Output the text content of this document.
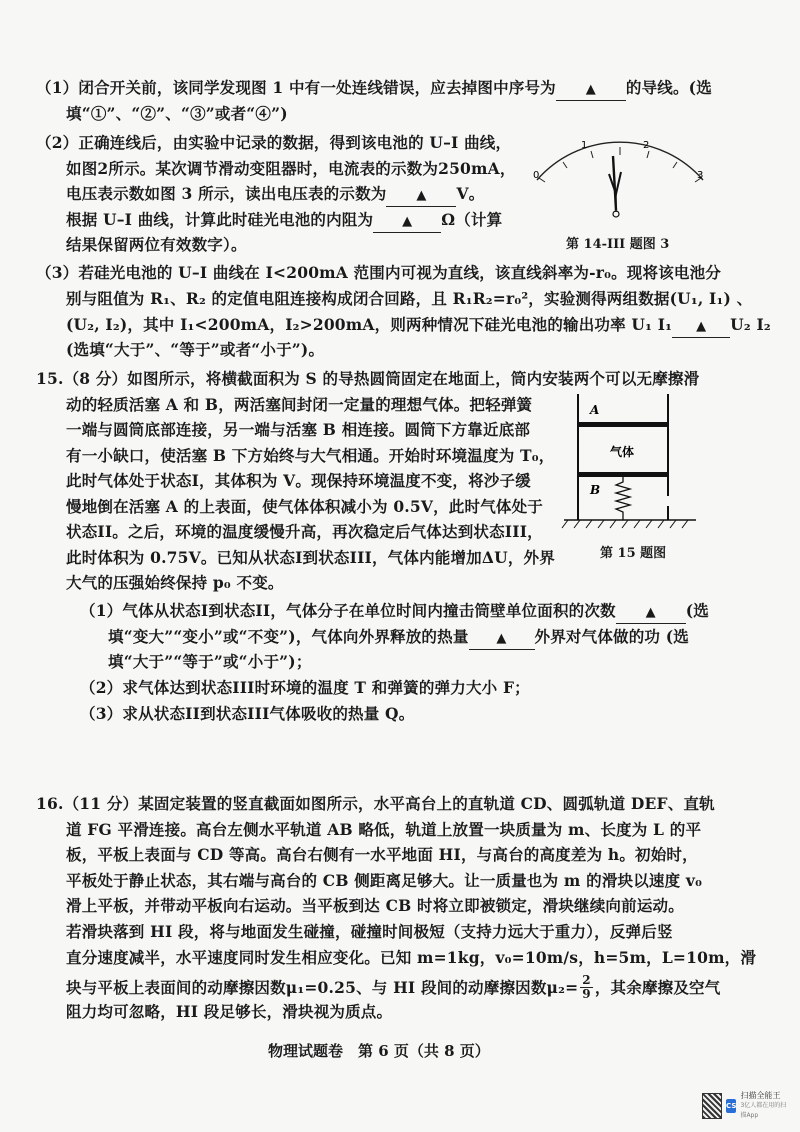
（1）闭合开关前，该同学发现图 1 中有一处连线错误，应去掉图中序号为 ▲ 的导线。(选
填“①”、“②”、“③”或者“④”)
（2）正确连线后，由实验中记录的数据，得到该电池的 U–I 曲线，
如图2所示。某次调节滑动变阻器时，电流表的示数为250mA，
电压表示数如图 3 所示，读出电压表的示数为 ▲ V。
根据 U–I 曲线，计算此时硅光电池的内阻为 ▲ Ω（计算
结果保留两位有效数字）。
0
1	2
3
第 14-III 题图 3
（3）若硅光电池的 U–I 曲线在 I<200mA 范围内可视为直线，该直线斜率为-r₀。现将该电池分
别与阻值为 R₁、R₂ 的定值电阻连接构成闭合回路，且 R₁R₂=r₀²，实验测得两组数据(U₁, I₁) 、
(U₂, I₂)，其中 I₁<200mA，I₂>200mA，则两种情况下硅光电池的输出功率 U₁ I₁ ▲ U₂ I₂
(选填“大于”、“等于”或者“小于”)。
15.（8 分）如图所示，将横截面积为 S 的导热圆筒固定在地面上，筒内安装两个可以无摩擦滑
动的轻质活塞 A 和 B，两活塞间封闭一定量的理想气体。把轻弹簧
一端与圆筒底部连接，另一端与活塞 B 相连接。圆筒下方靠近底部
有一小缺口，使活塞 B 下方始终与大气相通。开始时环境温度为 T₀，
此时气体处于状态I，其体积为 V。现保持环境温度不变，将沙子缓
慢地倒在活塞 A 的上表面，使气体体积减小为 0.5V，此时气体处于
状态II。之后，环境的温度缓慢升高，再次稳定后气体达到状态III，
此时体积为 0.75V。已知从状态I到状态III，气体内能增加ΔU，外界
大气的压强始终保持 p₀ 不变。
A
气体
B
第 15 题图
（1）气体从状态I到状态II，气体分子在单位时间内撞击筒壁单位面积的次数 ▲ (选
填“变大”“变小”或“不变”)，气体向外界释放的热量 ▲ 外界对气体做的功 (选
填“大于”“等于”或“小于”)；
（2）求气体达到状态III时环境的温度 T 和弹簧的弹力大小 F；
（3）求从状态II到状态III气体吸收的热量 Q。
16.（11 分）某固定装置的竖直截面如图所示，水平高台上的直轨道 CD、圆弧轨道 DEF、直轨
道 FG 平滑连接。高台左侧水平轨道 AB 略低，轨道上放置一块质量为 m、长度为 L 的平
板，平板上表面与 CD 等高。高台右侧有一水平地面 HI，与高台的高度差为 h。初始时，
平板处于静止状态，其右端与高台的 CB 侧距离足够大。让一质量也为 m 的滑块以速度 v₀
滑上平板，并带动平板向右运动。当平板到达 CB 时将立即被锁定，滑块继续向前运动。
若滑块落到 HI 段，将与地面发生碰撞，碰撞时间极短（支持力远大于重力），反弹后竖
直分速度减半，水平速度同时发生相应变化。已知 m=1kg，v₀=10m/s，h=5m，L=10m，滑
块与平板上表面间的动摩擦因数μ₁=0.25、与 HI 段间的动摩擦因数$\mu_2= \frac{2}{9}$ ，其余摩擦及空气
阻力均可忽略，HI 段足够长，滑块视为质点。
物理试题卷　第 6 页（共 8 页）
CS
扫描全能王
3亿人都在用的扫描App
